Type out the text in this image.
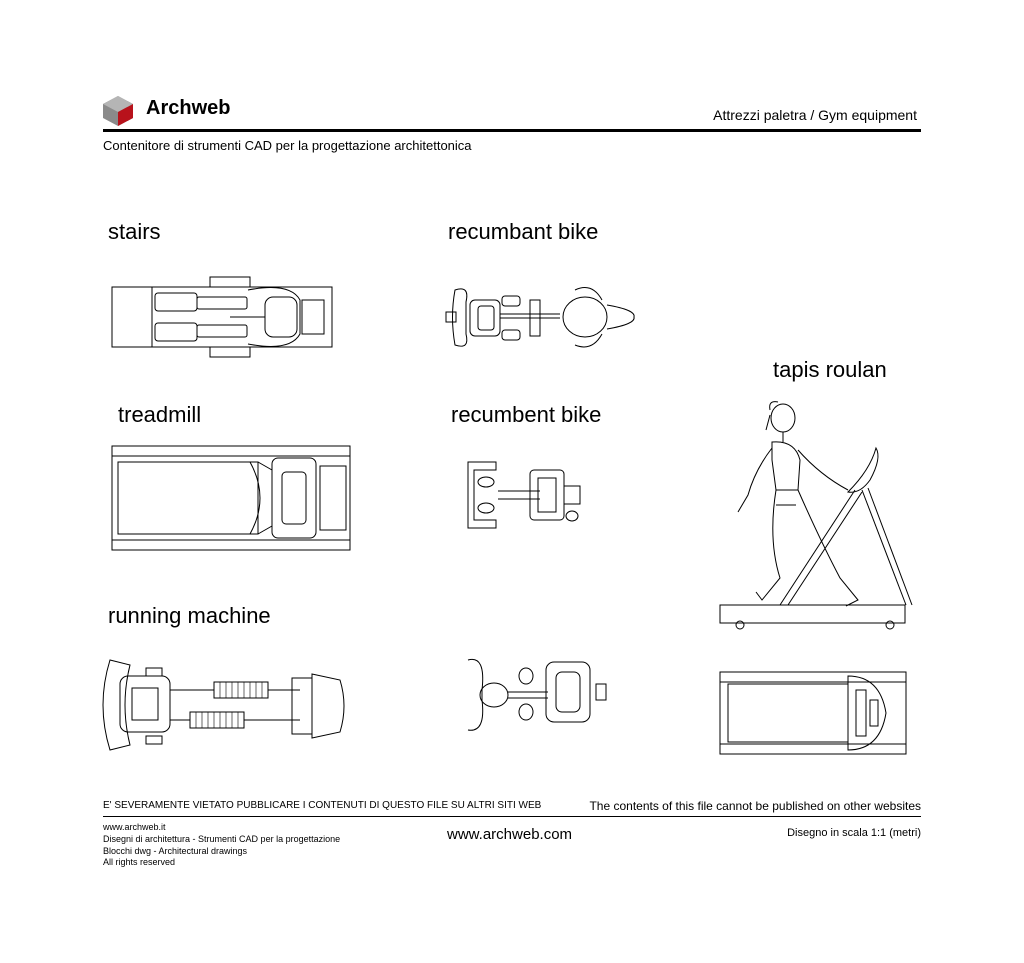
Archweb	Attrezzi paletra / Gym equipment
Contenitore di strumenti CAD per la progettazione architettonica
stairs	recumbant bike
tapis roulan
treadmill	recumbent bike
running machine
E' SEVERAMENTE VIETATO PUBBLICARE I CONTENUTI DI QUESTO FILE SU ALTRI SITI WEB	The contents of this file cannot be published on other websites
www.archweb.it
Disegni di architettura - Strumenti CAD per la progettazione
Blocchi dwg - Architectural drawings
All rights reserved
www.archweb.com	Disegno in scala 1:1 (metri)
